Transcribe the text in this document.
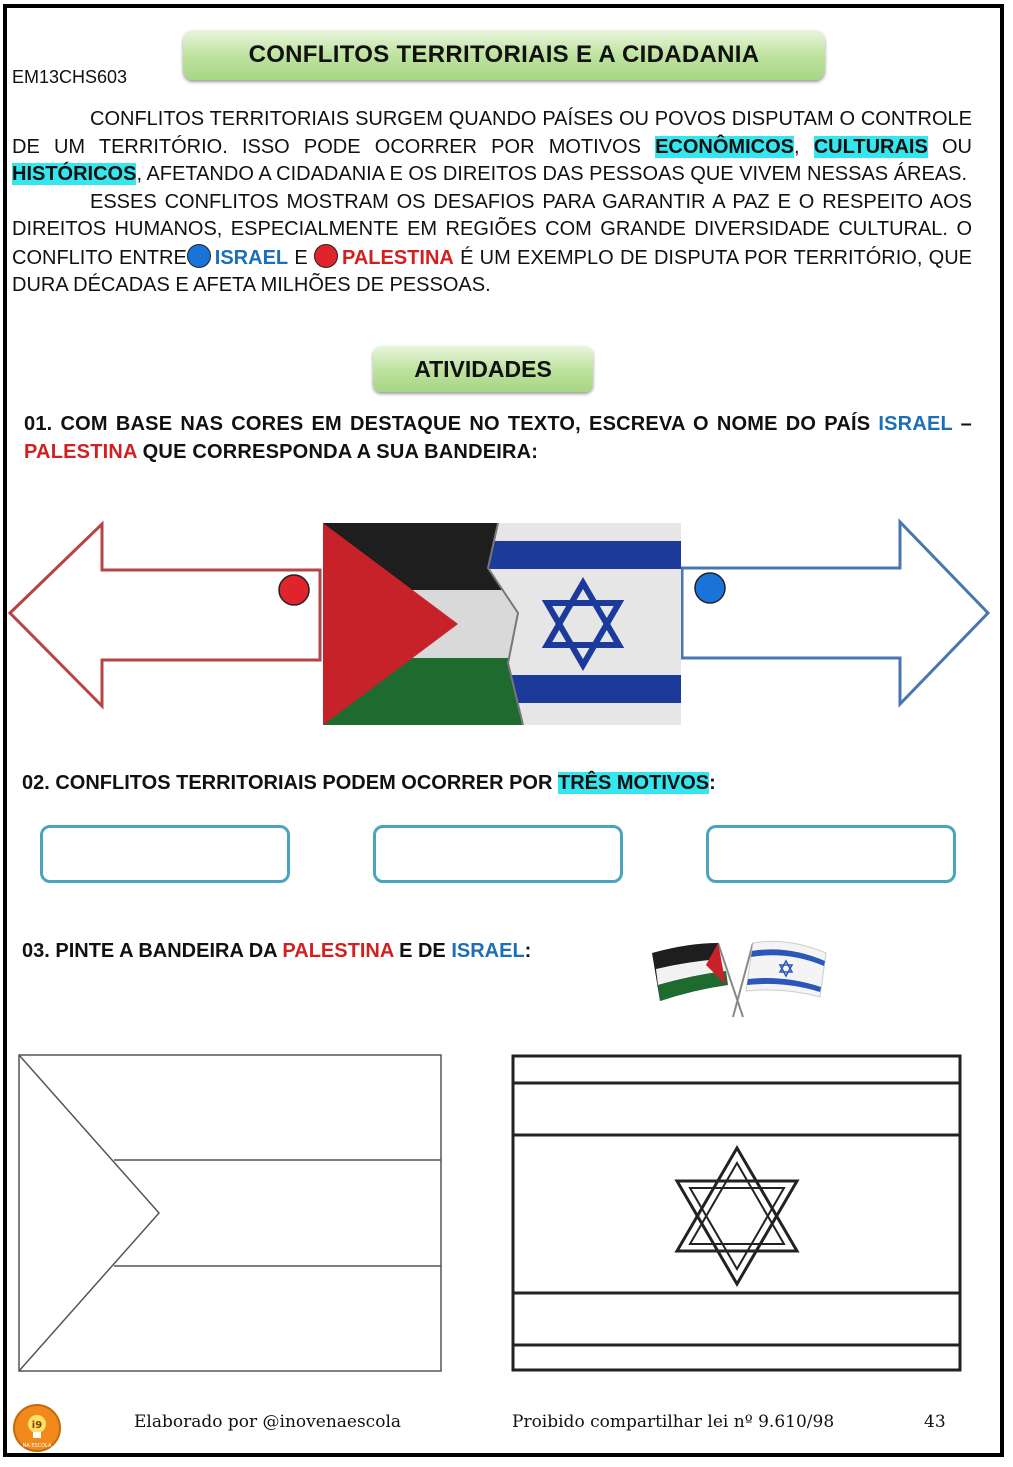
CONFLITOS TERRITORIAIS E A CIDADANIA
EM13CHS603

CONFLITOS TERRITORIAIS SURGEM QUANDO PAÍSES OU POVOS DISPUTAM O CONTROLE DE UM TERRITÓRIO. ISSO PODE OCORRER POR MOTIVOS ECONÔMICOS, CULTURAIS OU HISTÓRICOS, AFETANDO A CIDADANIA E OS DIREITOS DAS PESSOAS QUE VIVEM NESSAS ÁREAS.

ESSES CONFLITOS MOSTRAM OS DESAFIOS PARA GARANTIR A PAZ E O RESPEITO AOS DIREITOS HUMANOS, ESPECIALMENTE EM REGIÕES COM GRANDE DIVERSIDADE CULTURAL. O CONFLITO ENTRE ISRAEL E PALESTINA É UM EXEMPLO DE DISPUTA POR TERRITÓRIO, QUE DURA DÉCADAS E AFETA MILHÕES DE PESSOAS.

ATIVIDADES
01. COM BASE NAS CORES EM DESTAQUE NO TEXTO, ESCREVA O NOME DO PAÍS ISRAEL – PALESTINA QUE CORRESPONDA A SUA BANDEIRA:
02. CONFLITOS TERRITORIAIS PODEM OCORRER POR TRÊS MOTIVOS:
03. PINTE A BANDEIRA DA PALESTINA E DE ISRAEL:
i9
NA ESCOLA
Elaborado por @inovenaescola	Proibido compartilhar lei nº 9.610/98	43
